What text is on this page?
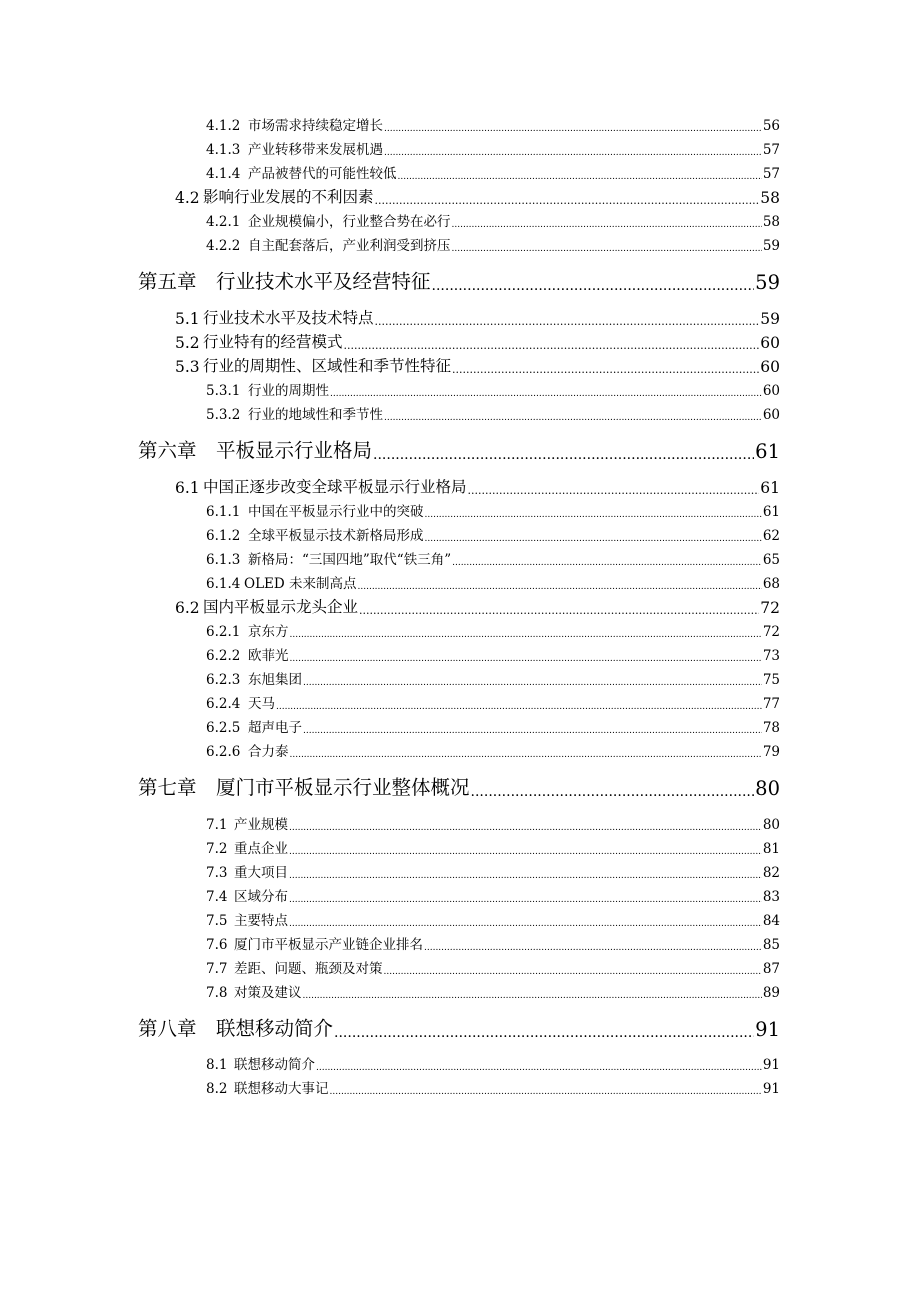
4.1.2 市场需求持续稳定增长 .....	56
4.1.3 产业转移带来发展机遇 .....	57
4.1.4 产品被替代的可能性较低 .....	57
4.2 影响行业发展的不利因素 .....	58
4.2.1 企业规模偏小，行业整合势在必行 .....	58
4.2.2 自主配套落后，产业利润受到挤压 .....	59
第五章 行业技术水平及经营特征 .....	59
5.1 行业技术水平及技术特点 .....	59
5.2 行业特有的经营模式 .....	60
5.3 行业的周期性、区域性和季节性特征 .....	60
5.3.1 行业的周期性 .....	60
5.3.2 行业的地域性和季节性 .....	60
第六章 平板显示行业格局 .....	61
6.1 中国正逐步改变全球平板显示行业格局 .....	61
6.1.1 中国在平板显示行业中的突破 .....	61
6.1.2 全球平板显示技术新格局形成 .....	62
6.1.3 新格局：“三国四地”取代“铁三角” .....	65
6.1.4 OLED 未来制高点 .....	68
6.2 国内平板显示龙头企业 .....	72
6.2.1 京东方 .....	72
6.2.2 欧菲光 .....	73
6.2.3 东旭集团 .....	75
6.2.4 天马 .....	77
6.2.5 超声电子 .....	78
6.2.6 合力泰 .....	79
第七章 厦门市平板显示行业整体概况 .....	80
7.1 产业规模 .....	80
7.2 重点企业 .....	81
7.3 重大项目 .....	82
7.4 区域分布 .....	83
7.5 主要特点 .....	84
7.6 厦门市平板显示产业链企业排名 .....	85
7.7 差距、问题、瓶颈及对策 .....	87
7.8 对策及建议 .....	89
第八章 联想移动简介 .....	91
8.1 联想移动简介 .....	91
8.2 联想移动大事记 .....	91
